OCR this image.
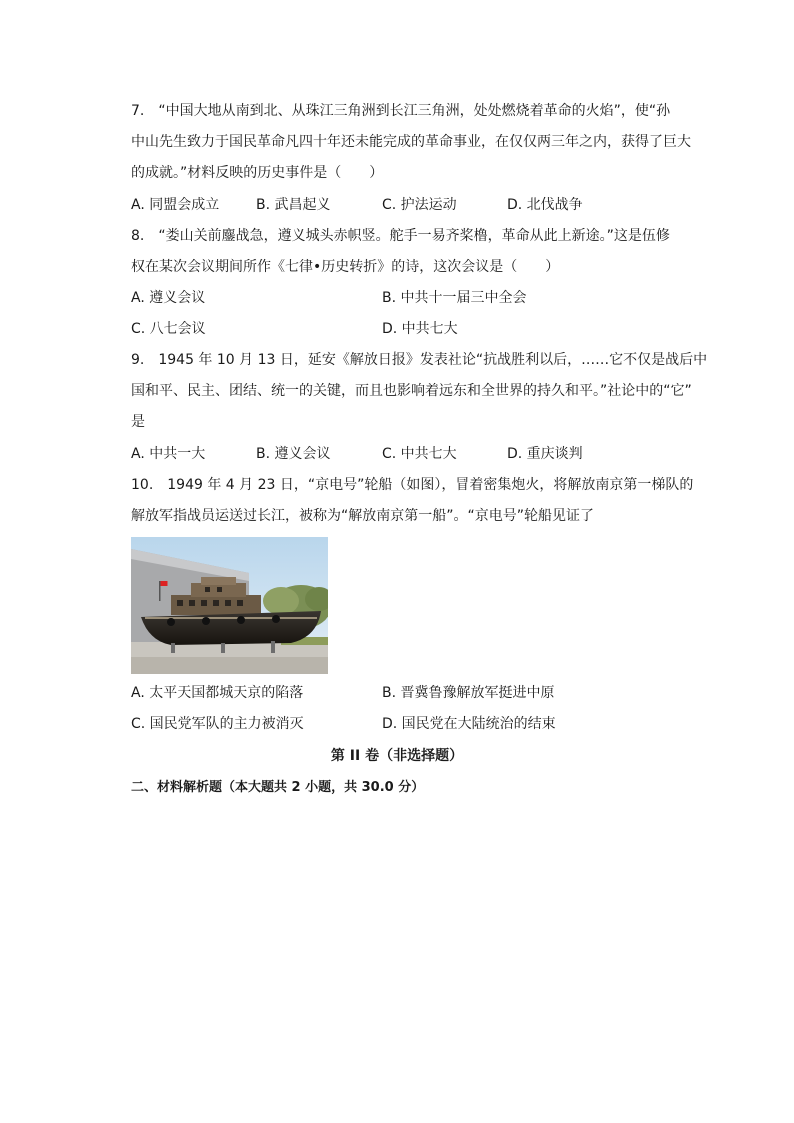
7.　“中国大地从南到北、从珠江三角洲到长江三角洲，处处燃烧着革命的火焰”，使“孙
中山先生致力于国民革命凡四十年还未能完成的革命事业，在仅仅两三年之内，获得了巨大
的成就。”材料反映的历史事件是（　　）
A. 同盟会成立	B. 武昌起义	C. 护法运动	D. 北伐战争
8.　“娄山关前鏖战急，遵义城头赤帜竖。舵手一易齐桨橹，革命从此上新途。”这是伍修
权在某次会议期间所作《七律•历史转折》的诗，这次会议是（　　）
A. 遵义会议	B. 中共十一届三中全会
C. 八七会议	D. 中共七大
9.　1945 年 10 月 13 日，延安《解放日报》发表社论“抗战胜利以后，……它不仅是战后中
国和平、民主、团结、统一的关键，而且也影响着远东和全世界的持久和平。”社论中的“它”
是
A. 中共一大	B. 遵义会议	C. 中共七大	D. 重庆谈判
10.　1949 年 4 月 23 日，“京电号”轮船（如图），冒着密集炮火，将解放南京第一梯队的
解放军指战员运送过长江，被称为“解放南京第一船”。“京电号”轮船见证了
A. 太平天国都城天京的陷落	B. 晋冀鲁豫解放军挺进中原
C. 国民党军队的主力被消灭	D. 国民党在大陆统治的结束
第 II 卷（非选择题）
二、材料解析题（本大题共 2 小题，共 30.0 分）
